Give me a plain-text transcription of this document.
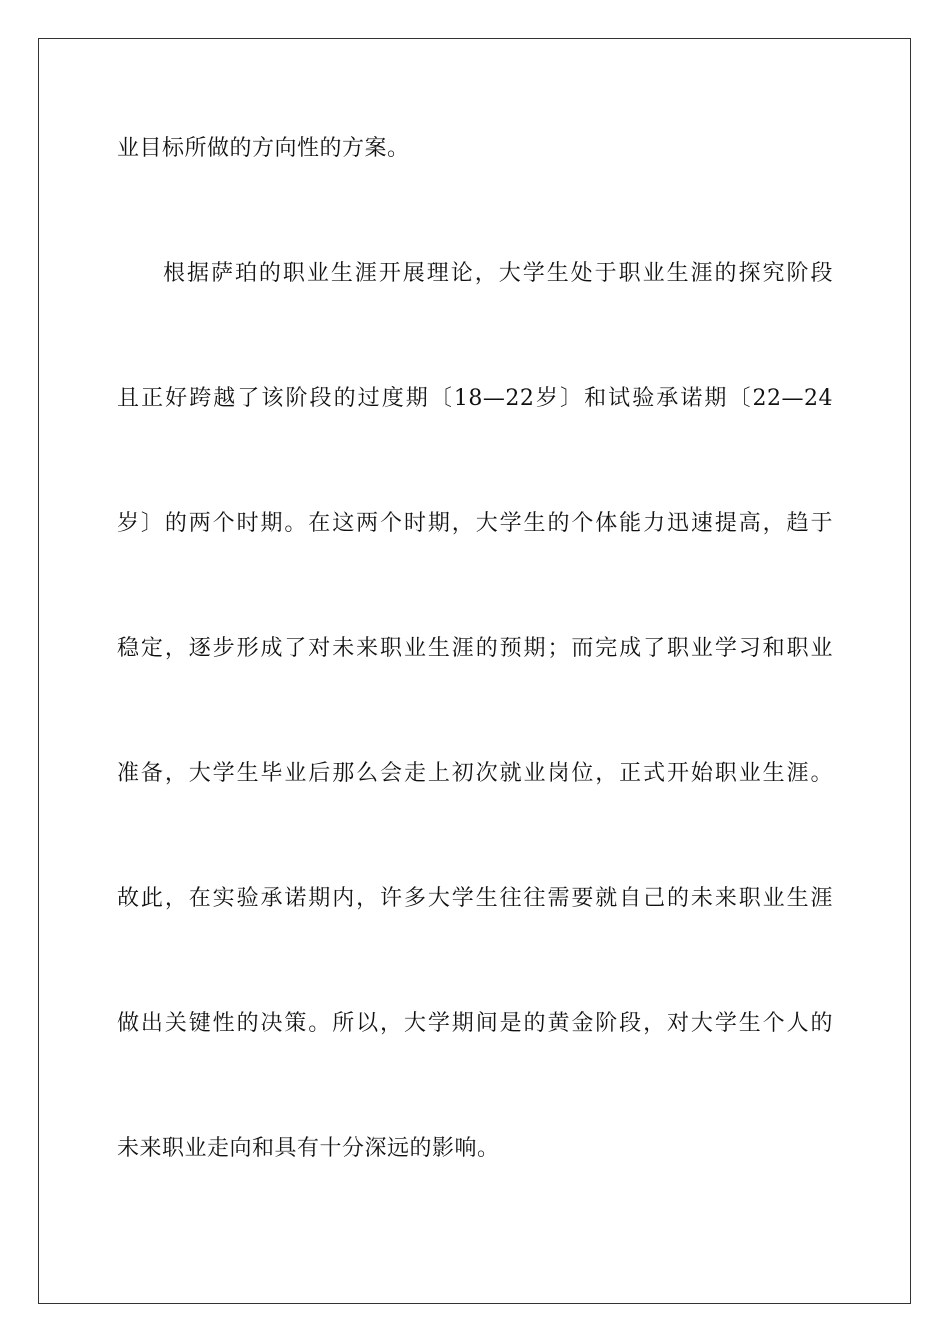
业目标所做的方向性的方案。
根据萨珀的职业生涯开展理论，大学生处于职业生涯的探究阶段
且正好跨越了该阶段的过度期〔18—22岁〕和试验承诺期〔22—24
岁〕的两个时期。在这两个时期，大学生的个体能力迅速提高，趋于
稳定，逐步形成了对未来职业生涯的预期；而完成了职业学习和职业
准备，大学生毕业后那么会走上初次就业岗位，正式开始职业生涯。
故此，在实验承诺期内，许多大学生往往需要就自己的未来职业生涯
做出关键性的决策。所以，大学期间是的黄金阶段，对大学生个人的
未来职业走向和具有十分深远的影响。
